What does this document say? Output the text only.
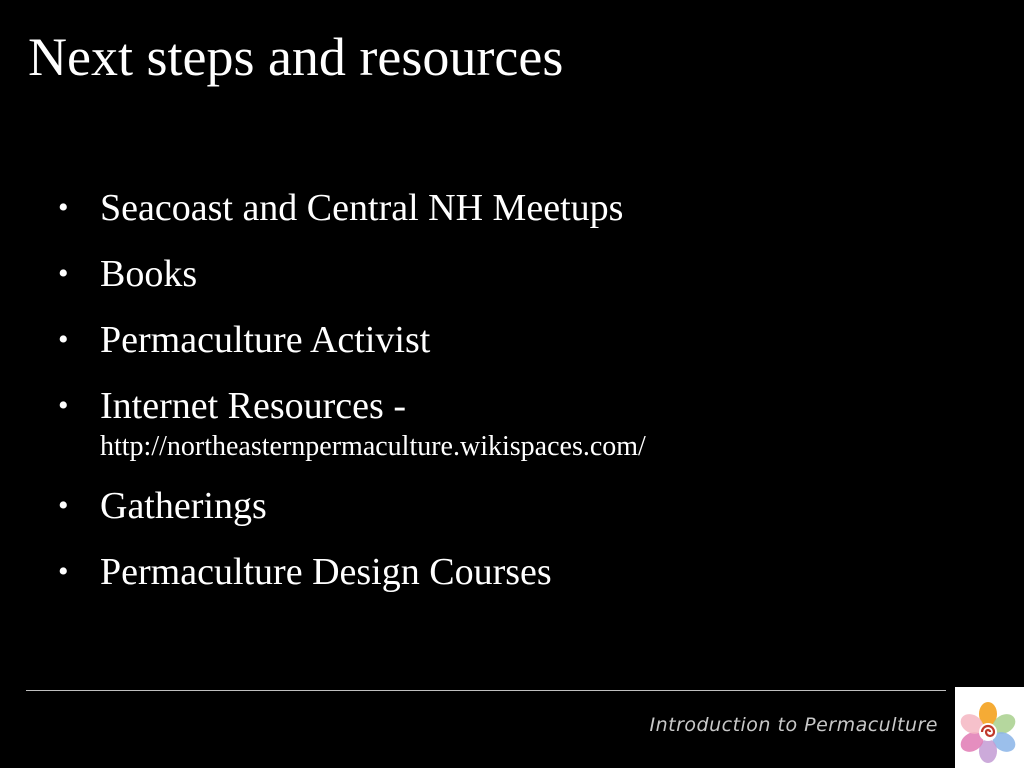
Next steps and resources
• Seacoast and Central NH Meetups
• Books
• Permaculture Activist
• Internet Resources -
http://northeasternpermaculture.wikispaces.com/
• Gatherings
• Permaculture Design Courses
Introduction to Permaculture
